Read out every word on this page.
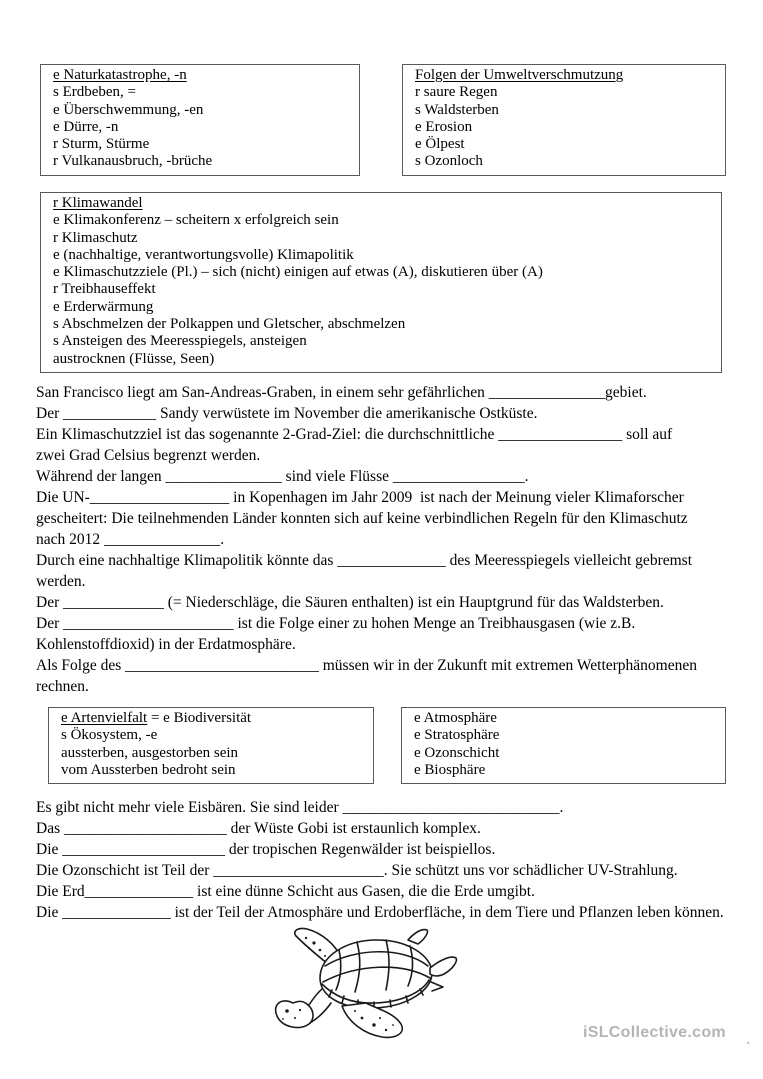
e Naturkatastrophe, -n
s Erdbeben, =
e Überschwemmung, -en
e Dürre, -n
r Sturm, Stürme
r Vulkanausbruch, -brüche
Folgen der Umweltverschmutzung
r saure Regen
s Waldsterben
e Erosion
e Ölpest
s Ozonloch
r Klimawandel
e Klimakonferenz – scheitern x erfolgreich sein
r Klimaschutz
e (nachhaltige, verantwortungsvolle) Klimapolitik
e Klimaschutzziele (Pl.) – sich (nicht) einigen auf etwas (A), diskutieren über (A)
r Treibhauseffekt
e Erderwärmung
s Abschmelzen der Polkappen und Gletscher, abschmelzen
s Ansteigen des Meeresspiegels, ansteigen
austrocknen (Flüsse, Seen)
e Artenvielfalt = e Biodiversität
s Ökosystem, -e
aussterben, ausgestorben sein
vom Aussterben bedroht sein
e Atmosphäre
e Stratosphäre
e Ozonschicht
e Biosphäre
San Francisco liegt am San-Andreas-Graben, in einem sehr gefährlichen _______________gebiet.
Der ____________ Sandy verwüstete im November die amerikanische Ostküste.
Ein Klimaschutzziel ist das sogenannte 2-Grad-Ziel: die durchschnittliche ________________ soll auf
zwei Grad Celsius begrenzt werden.
Während der langen _______________ sind viele Flüsse _________________.
Die UN-__________________ in Kopenhagen im Jahr 2009  ist nach der Meinung vieler Klimaforscher
gescheitert: Die teilnehmenden Länder konnten sich auf keine verbindlichen Regeln für den Klimaschutz
nach 2012 _______________.
Durch eine nachhaltige Klimapolitik könnte das ______________ des Meeresspiegels vielleicht gebremst
werden.
Der _____________ (= Niederschläge, die Säuren enthalten) ist ein Hauptgrund für das Waldsterben.
Der ______________________ ist die Folge einer zu hohen Menge an Treibhausgasen (wie z.B.
Kohlenstoffdioxid) in der Erdatmosphäre.
Als Folge des _________________________ müssen wir in der Zukunft mit extremen Wetterphänomenen
rechnen.
Es gibt nicht mehr viele Eisbären. Sie sind leider ____________________________.
Das _____________________ der Wüste Gobi ist erstaunlich komplex.
Die _____________________ der tropischen Regenwälder ist beispiellos.
Die Ozonschicht ist Teil der ______________________. Sie schützt uns vor schädlicher UV-Strahlung.
Die Erd______________ ist eine dünne Schicht aus Gasen, die die Erde umgibt.
Die ______________ ist der Teil der Atmosphäre und Erdoberfläche, in dem Tiere und Pflanzen leben können.
iSLCollective.com .
